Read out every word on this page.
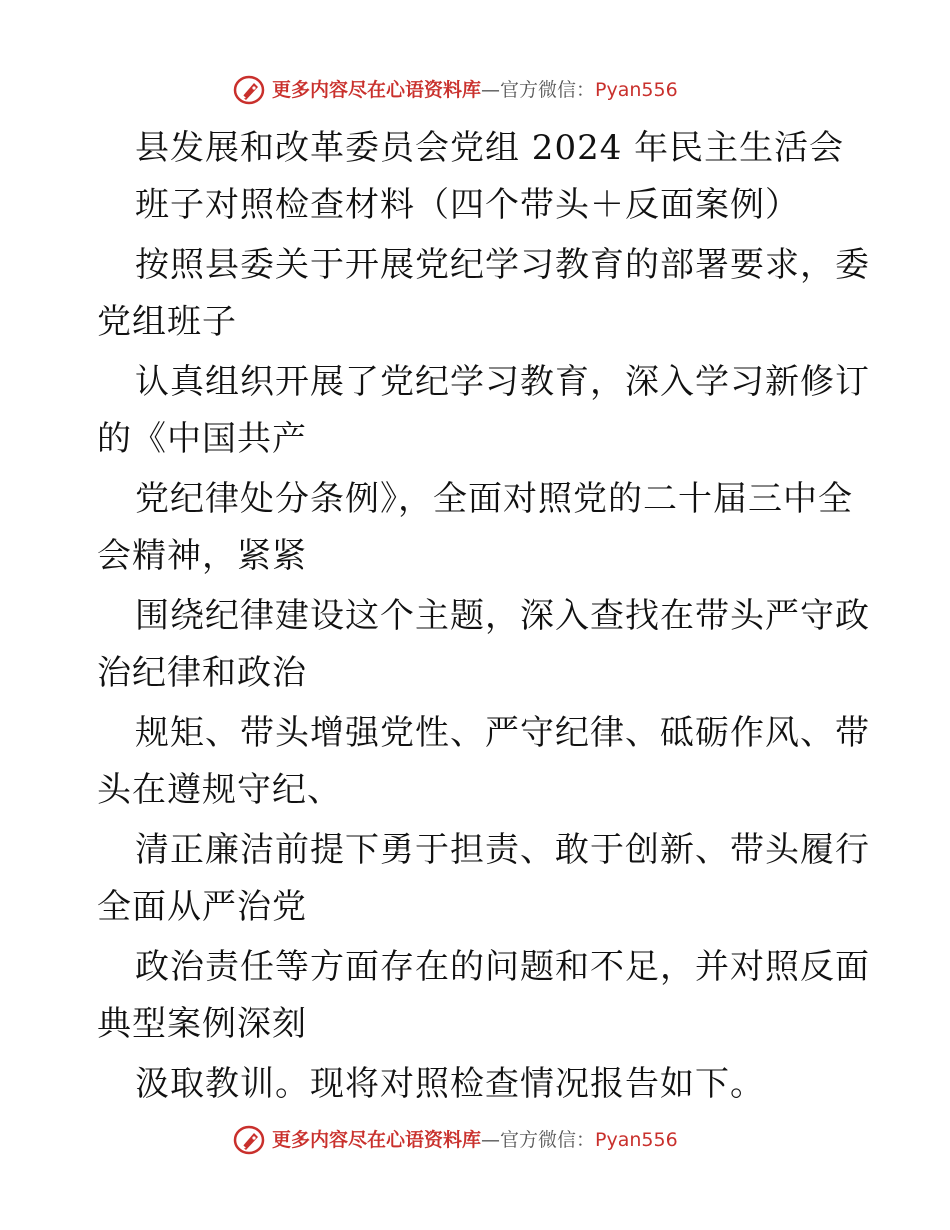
更多内容尽在心语资料库 — 官方微信： Pyan556
县发展和改革委员会党组 2024 年民主生活会
班子对照检查材料（四个带头＋反面案例）
按照县委关于开展党纪学习教育的部署要求，委
党组班子
认真组织开展了党纪学习教育，深入学习新修订
的《中国共产
党纪律处分条例》，全面对照党的二十届三中全
会精神，紧紧
围绕纪律建设这个主题，深入查找在带头严守政
治纪律和政治
规矩、带头增强党性、严守纪律、砥砺作风、带
头在遵规守纪、
清正廉洁前提下勇于担责、敢于创新、带头履行
全面从严治党
政治责任等方面存在的问题和不足，并对照反面
典型案例深刻
汲取教训。现将对照检查情况报告如下。
更多内容尽在心语资料库 — 官方微信： Pyan556
